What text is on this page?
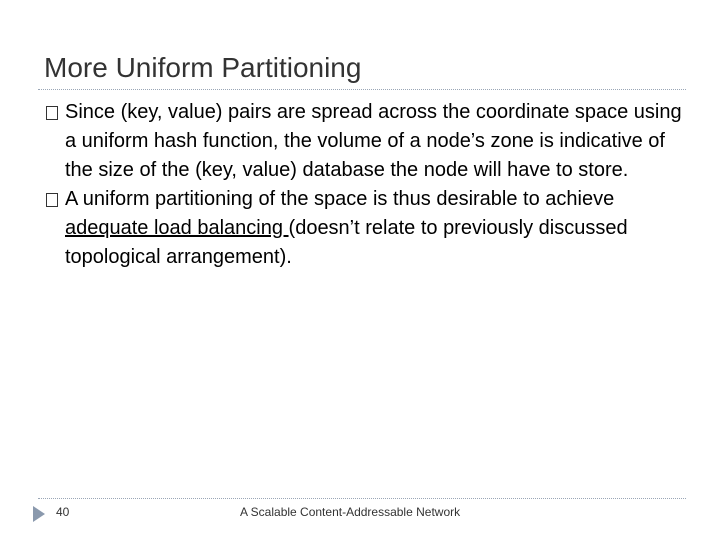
More Uniform Partitioning
Since (key, value) pairs are spread across the coordinate space using a uniform hash function, the volume of a node’s zone is indicative of the size of the (key, value) database the node will have to store.
A uniform partitioning of the space is thus desirable to achieve adequate load balancing (doesn’t relate to previously discussed topological arrangement).
40	A Scalable Content-Addressable Network
